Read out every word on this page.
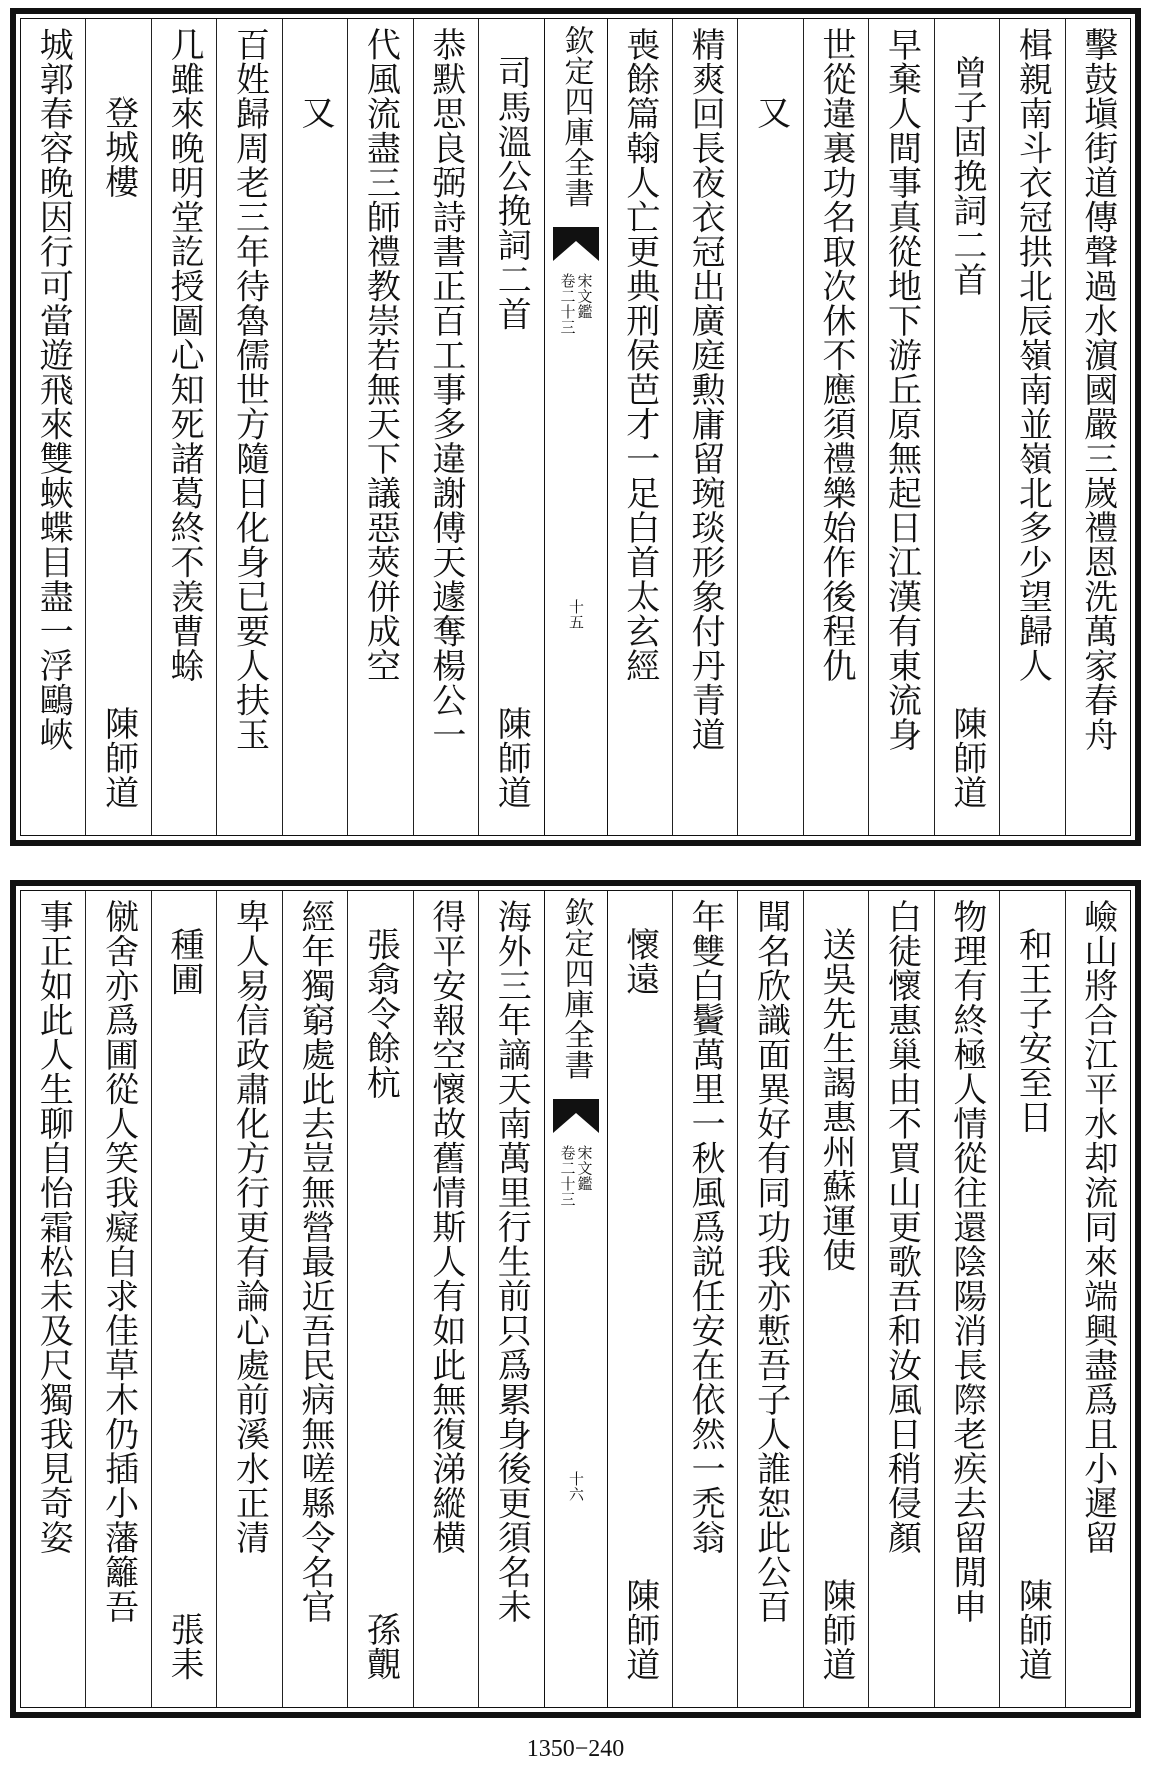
擊鼓塡街道傳聲過水濵國嚴三嵗禮恩洗萬家春舟
楫親南斗衣冠拱北辰嶺南並嶺北多少望歸人
曾子固挽詞二首
陳師道
早棄人間事真從地下游丘原無起日江漢有東流身
世從違裏功名取次休不應須禮樂始作後程仇
又
精爽回長夜衣冠出廣庭勲庸留琬琰形象付丹青道
喪餘篇翰人亡更典刑侯芭才一足白首太玄經
欽定四庫全書
卷二十三 宋文鑑
十五
司馬溫公挽詞二首
陳師道
恭默思良弼詩書正百工事多違謝傅天遽奪楊公一
代風流盡三師禮教崇若無天下議惡莢併成空
又
百姓歸周老三年待魯儒世方隨日化身已要人扶玉
几雖來晚明堂訖授圖心知死諸葛終不羡曹蜍
登城樓
陳師道
城郭春容晚因行可當遊飛來雙蛺蝶目盡一浮鷗峽
嶮山將合江平水却流同來端興盡爲且小遲留
和王子安至日
陳師道
物理有終極人情從往還陰陽消長際老疾去留閒申
白徒懷惠巢由不買山更歌吾和汝風日稍侵顏
送吳先生謁惠州蘇運使
陳師道
聞名欣識面異好有同功我亦慙吾子人誰恕此公百
年雙白鬢萬里一秋風爲説任安在依然一禿翁
懷遠
陳師道
欽定四庫全書
卷二十三 宋文鑑
十六
海外三年謫天南萬里行生前只爲累身後更須名未
得平安報空懷故舊情斯人有如此無復涕縱横
張翕令餘杭
孫覿
經年獨窮處此去豈無營最近吾民病無嗟縣令名官
卑人易信政肅化方行更有論心處前溪水正清
種圃
張耒
僦舍亦爲圃從人笑我癡自求佳草木仍插小藩籬吾
事正如此人生聊自怡霜松未及尺獨我見奇姿
1350−240
